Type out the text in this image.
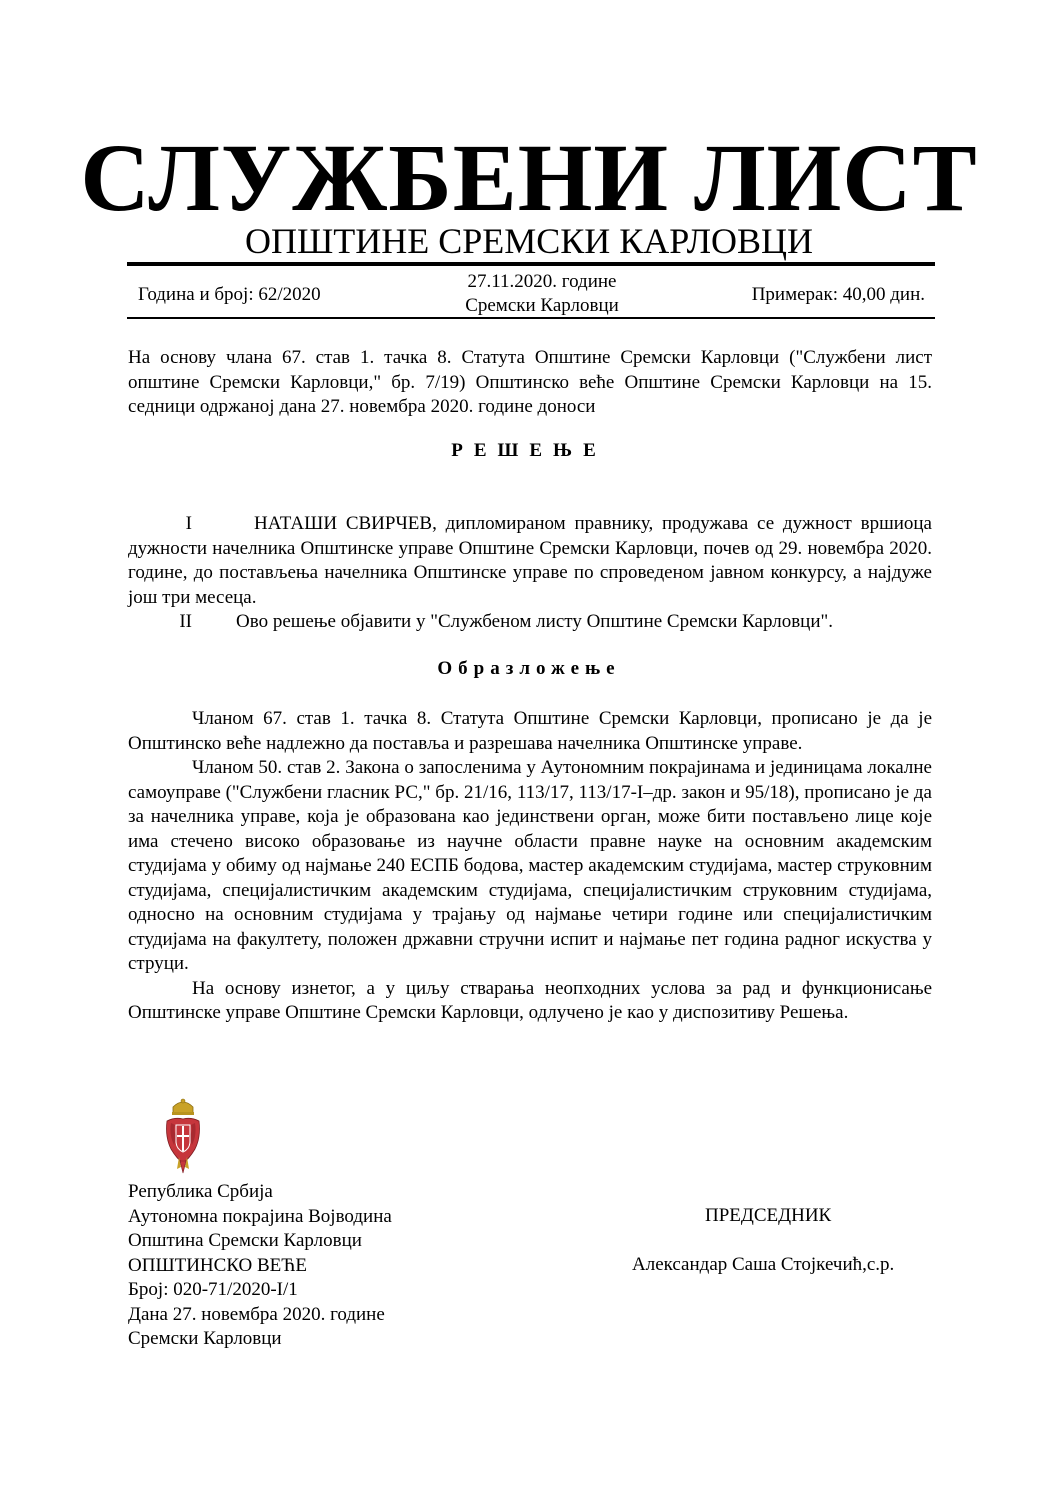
СЛУЖБЕНИ ЛИСТ
ОПШТИНЕ СРЕМСКИ КАРЛОВЦИ
Година и број: 62/2020
27.11.2020. године
Сремски Карловци
Примерак: 40,00 дин.

На основу члана 67. став 1. тачка 8. Статута Општине Сремски Карловци ("Службени лист општине Сремски Карловци," бр. 7/19) Општинско веће Општине Сремски Карловци на 15. седници одржаној дана 27. новембра 2020. године доноси

РЕШЕЊЕ

I	НАТАШИ СВИРЧЕВ, дипломираном правнику, продужава се дужност вршиоца дужности начелника Општинске управе Општине Сремски Карловци, почев од 29. новембра 2020. године, до постављења начелника Општинске управе по спроведеном јавном конкурсу, а најдуже још три месеца.

II Ово решење објавити у "Службеном листу Општине Сремски Карловци".

Образложење

Чланом 67. став 1. тачка 8. Статута Општине Сремски Карловци, прописано је да је Општинско веће надлежно да поставља и разрешава начелника Општинске управе.

Чланом 50. став 2. Закона о запосленима у Аутономним покрајинама и јединицама локалне самоуправе ("Службени гласник РС," бр. 21/16, 113/17, 113/17-I–др. закон и 95/18), прописано је да за начелника управе, која је образована као јединствени орган, може бити постављено лице које има стечено високо образовање из научне области правне науке на основним академским студијама у обиму од најмање 240 ЕСПБ бодова, мастер академским студијама, мастер струковним студијама, специјалистичким академским студијама, специјалистичким струковним студијама, односно на основним студијама у трајању од најмање четири године или специјалистичким студијама на факултету, положен државни стручни испит и најмање пет година радног искуства у струци.

На основу изнетог, а у циљу стварања неопходних услова за рад и функционисање Општинске управе Општине Сремски Карловци, одлучено је као у диспозитиву Решења.

Република Србија
Аутономна покрајина Војводина
Општина Сремски Карловци
ОПШТИНСКО ВЕЋЕ
Број: 020-71/2020-I/1
Дана 27. новембра 2020. године
Сремски Карловци
ПРЕДСЕДНИК
Александар Саша Стојкечић,с.р.
